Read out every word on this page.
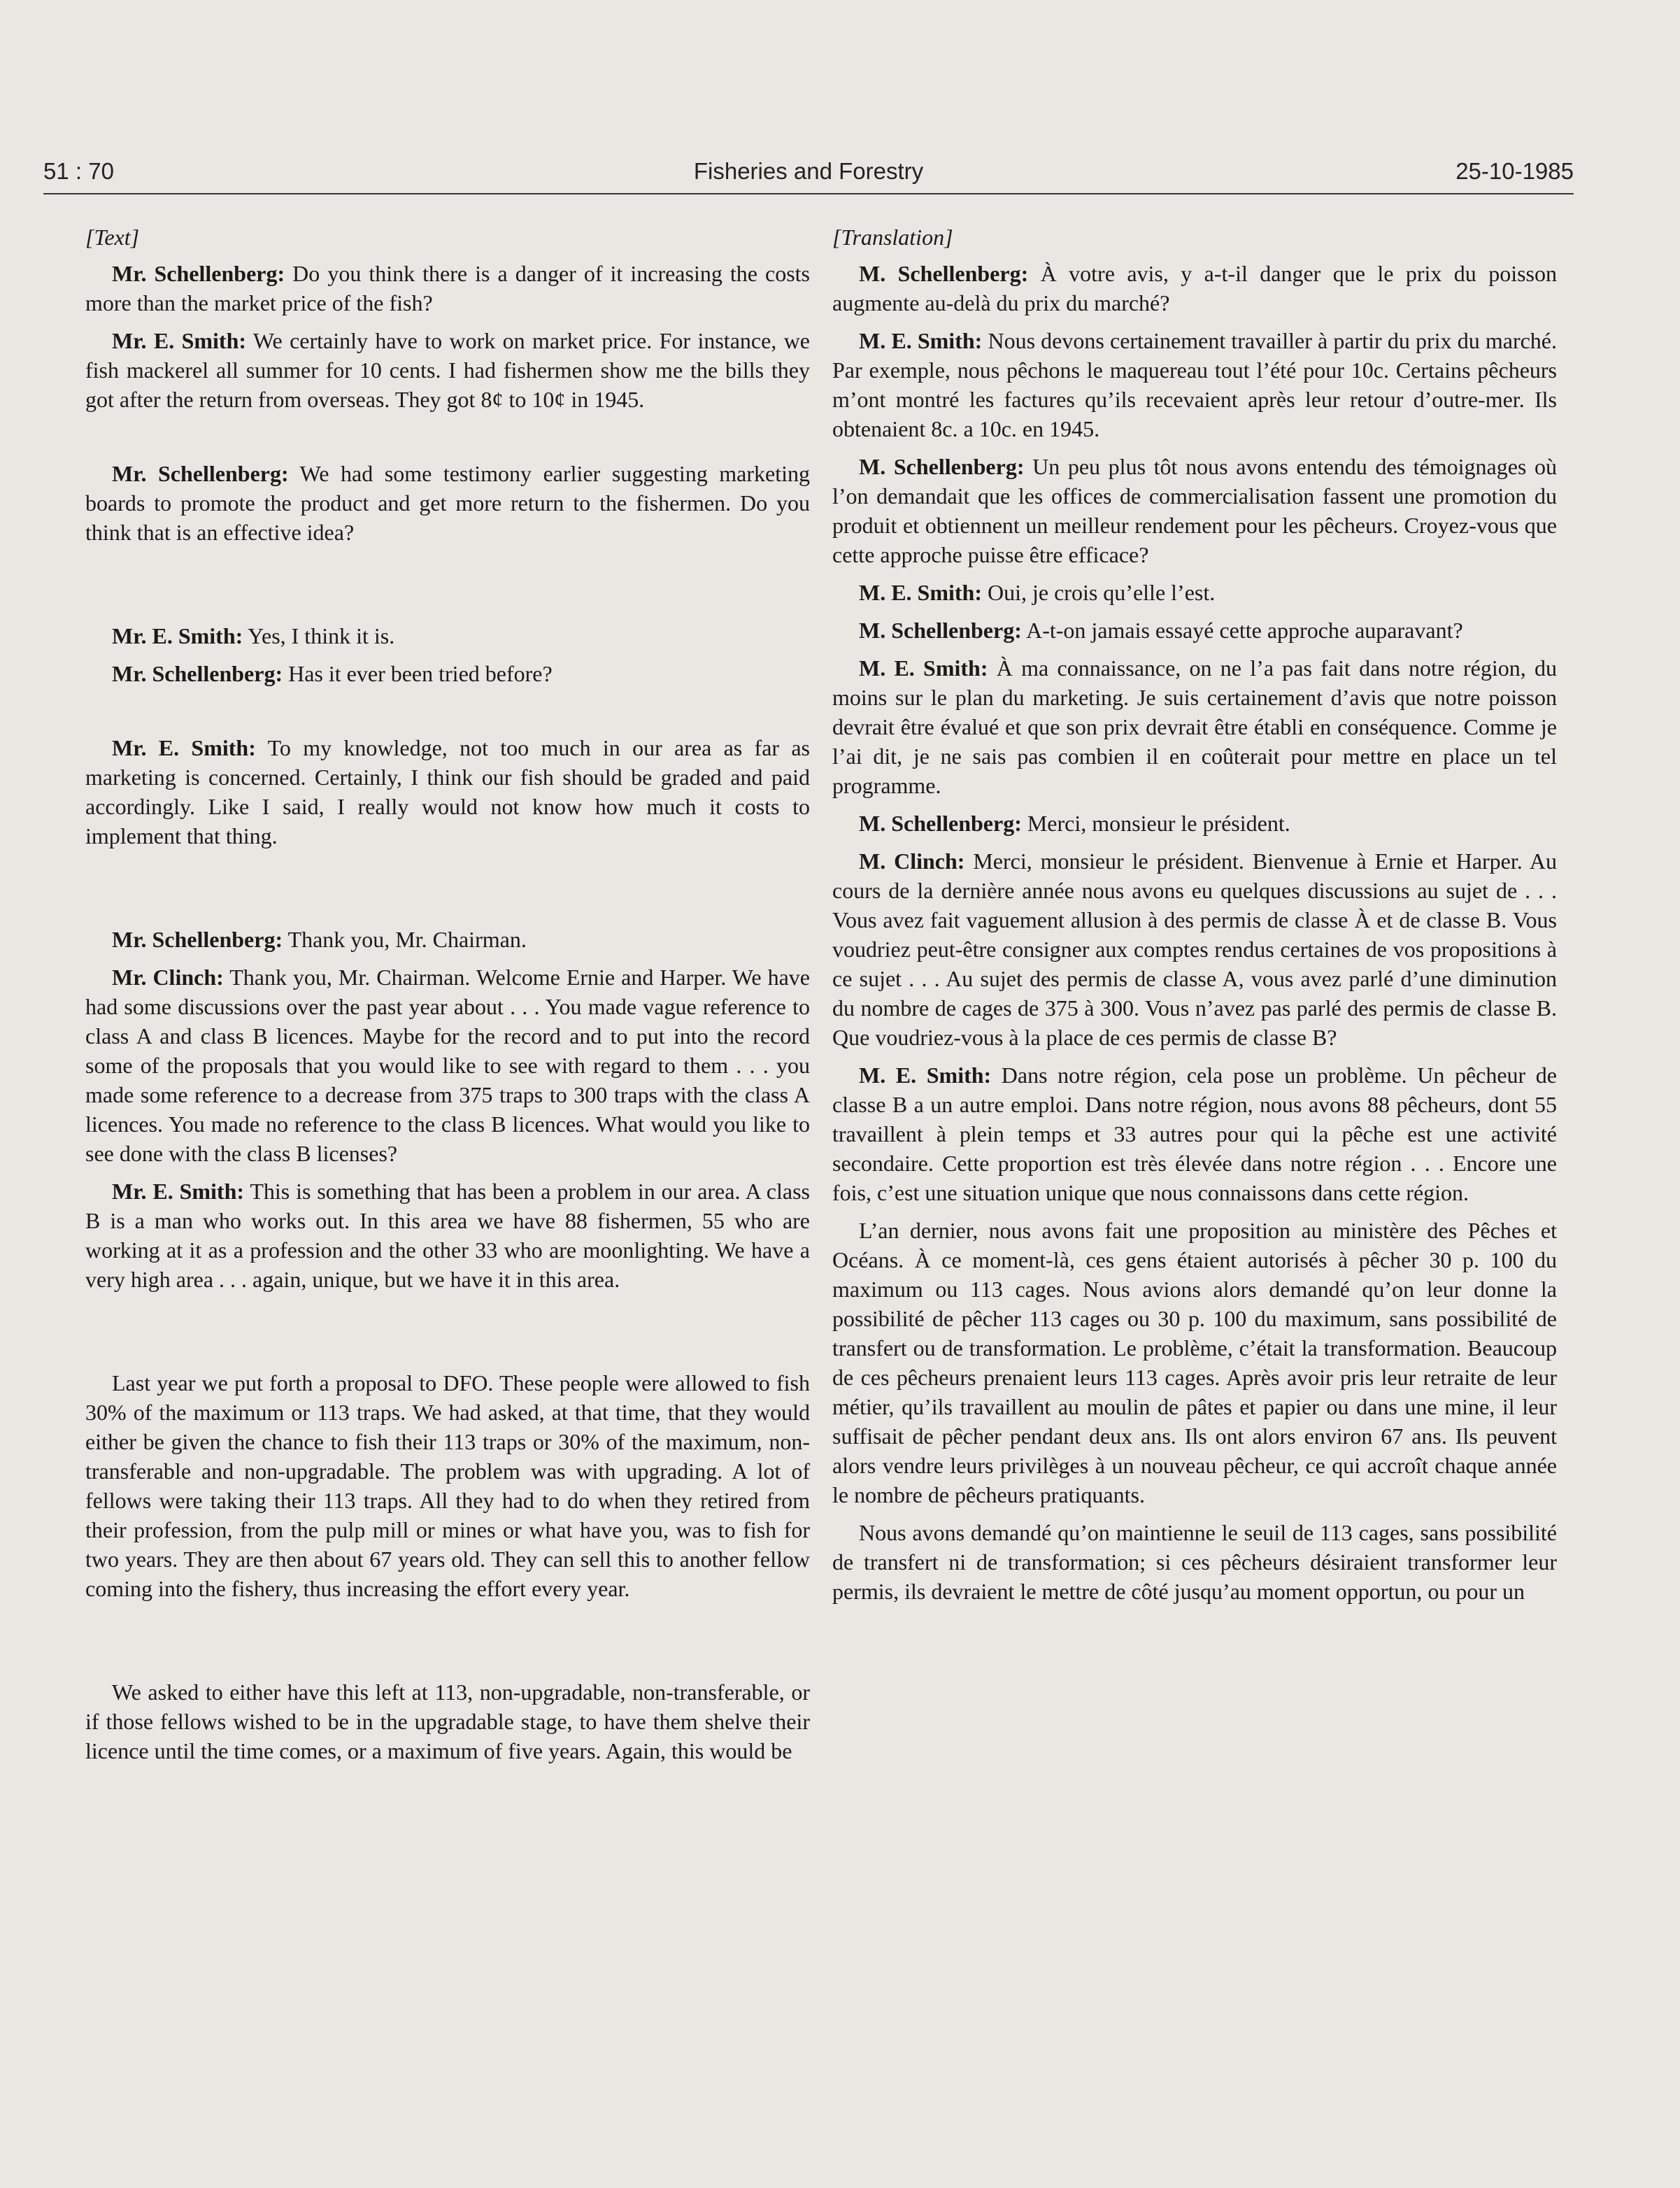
51 : 70	Fisheries and Forestry	25-10-1985

[Text]

Mr. Schellenberg: Do you think there is a danger of it increasing the costs more than the market price of the fish?

Mr. E. Smith: We certainly have to work on market price. For instance, we fish mackerel all summer for 10 cents. I had fishermen show me the bills they got after the return from overseas. They got 8¢ to 10¢ in 1945.

Mr. Schellenberg: We had some testimony earlier suggesting marketing boards to promote the product and get more return to the fishermen. Do you think that is an effective idea?

Mr. E. Smith: Yes, I think it is.

Mr. Schellenberg: Has it ever been tried before?

Mr. E. Smith: To my knowledge, not too much in our area as far as marketing is concerned. Certainly, I think our fish should be graded and paid accordingly. Like I said, I really would not know how much it costs to implement that thing.

Mr. Schellenberg: Thank you, Mr. Chairman.

Mr. Clinch: Thank you, Mr. Chairman. Welcome Ernie and Harper. We have had some discussions over the past year about . . . You made vague reference to class A and class B licences. Maybe for the record and to put into the record some of the proposals that you would like to see with regard to them . . . you made some reference to a decrease from 375 traps to 300 traps with the class A licences. You made no reference to the class B licences. What would you like to see done with the class B licenses?

Mr. E. Smith: This is something that has been a problem in our area. A class B is a man who works out. In this area we have 88 fishermen, 55 who are working at it as a profession and the other 33 who are moonlighting. We have a very high area . . . again, unique, but we have it in this area.

Last year we put forth a proposal to DFO. These people were allowed to fish 30% of the maximum or 113 traps. We had asked, at that time, that they would either be given the chance to fish their 113 traps or 30% of the maximum, non-transferable and non-upgradable. The problem was with upgrading. A lot of fellows were taking their 113 traps. All they had to do when they retired from their profession, from the pulp mill or mines or what have you, was to fish for two years. They are then about 67 years old. They can sell this to another fellow coming into the fishery, thus increasing the effort every year.

We asked to either have this left at 113, non-upgradable, non-transferable, or if those fellows wished to be in the upgradable stage, to have them shelve their licence until the time comes, or a maximum of five years. Again, this would be

[Translation]

M. Schellenberg: À votre avis, y a-t-il danger que le prix du poisson augmente au-delà du prix du marché?

M. E. Smith: Nous devons certainement travailler à partir du prix du marché. Par exemple, nous pêchons le maquereau tout l’été pour 10c. Certains pêcheurs m’ont montré les factures qu’ils recevaient après leur retour d’outre-mer. Ils obtenaient 8c. a 10c. en 1945.

M. Schellenberg: Un peu plus tôt nous avons entendu des témoignages où l’on demandait que les offices de commercialisation fassent une promotion du produit et obtiennent un meilleur rendement pour les pêcheurs. Croyez-vous que cette approche puisse être efficace?

M. E. Smith: Oui, je crois qu’elle l’est.

M. Schellenberg: A-t-on jamais essayé cette approche auparavant?

M. E. Smith: À ma connaissance, on ne l’a pas fait dans notre région, du moins sur le plan du marketing. Je suis certainement d’avis que notre poisson devrait être évalué et que son prix devrait être établi en conséquence. Comme je l’ai dit, je ne sais pas combien il en coûterait pour mettre en place un tel programme.

M. Schellenberg: Merci, monsieur le président.

M. Clinch: Merci, monsieur le président. Bienvenue à Ernie et Harper. Au cours de la dernière année nous avons eu quelques discussions au sujet de . . . Vous avez fait vaguement allusion à des permis de classe À et de classe B. Vous voudriez peut-être consigner aux comptes rendus certaines de vos propositions à ce sujet . . . Au sujet des permis de classe A, vous avez parlé d’une diminution du nombre de cages de 375 à 300. Vous n’avez pas parlé des permis de classe B. Que voudriez-vous à la place de ces permis de classe B?

M. E. Smith: Dans notre région, cela pose un problème. Un pêcheur de classe B a un autre emploi. Dans notre région, nous avons 88 pêcheurs, dont 55 travaillent à plein temps et 33 autres pour qui la pêche est une activité secondaire. Cette proportion est très élevée dans notre région . . . Encore une fois, c’est une situation unique que nous connaissons dans cette région.

L’an dernier, nous avons fait une proposition au ministère des Pêches et Océans. À ce moment-là, ces gens étaient autorisés à pêcher 30 p. 100 du maximum ou 113 cages. Nous avions alors demandé qu’on leur donne la possibilité de pêcher 113 cages ou 30 p. 100 du maximum, sans possibilité de transfert ou de transformation. Le problème, c’était la transformation. Beaucoup de ces pêcheurs prenaient leurs 113 cages. Après avoir pris leur retraite de leur métier, qu’ils travaillent au moulin de pâtes et papier ou dans une mine, il leur suffisait de pêcher pendant deux ans. Ils ont alors environ 67 ans. Ils peuvent alors vendre leurs privilèges à un nouveau pêcheur, ce qui accroît chaque année le nombre de pêcheurs pratiquants.

Nous avons demandé qu’on maintienne le seuil de 113 cages, sans possibilité de transfert ni de transformation; si ces pêcheurs désiraient transformer leur permis, ils devraient le mettre de côté jusqu’au moment opportun, ou pour un
